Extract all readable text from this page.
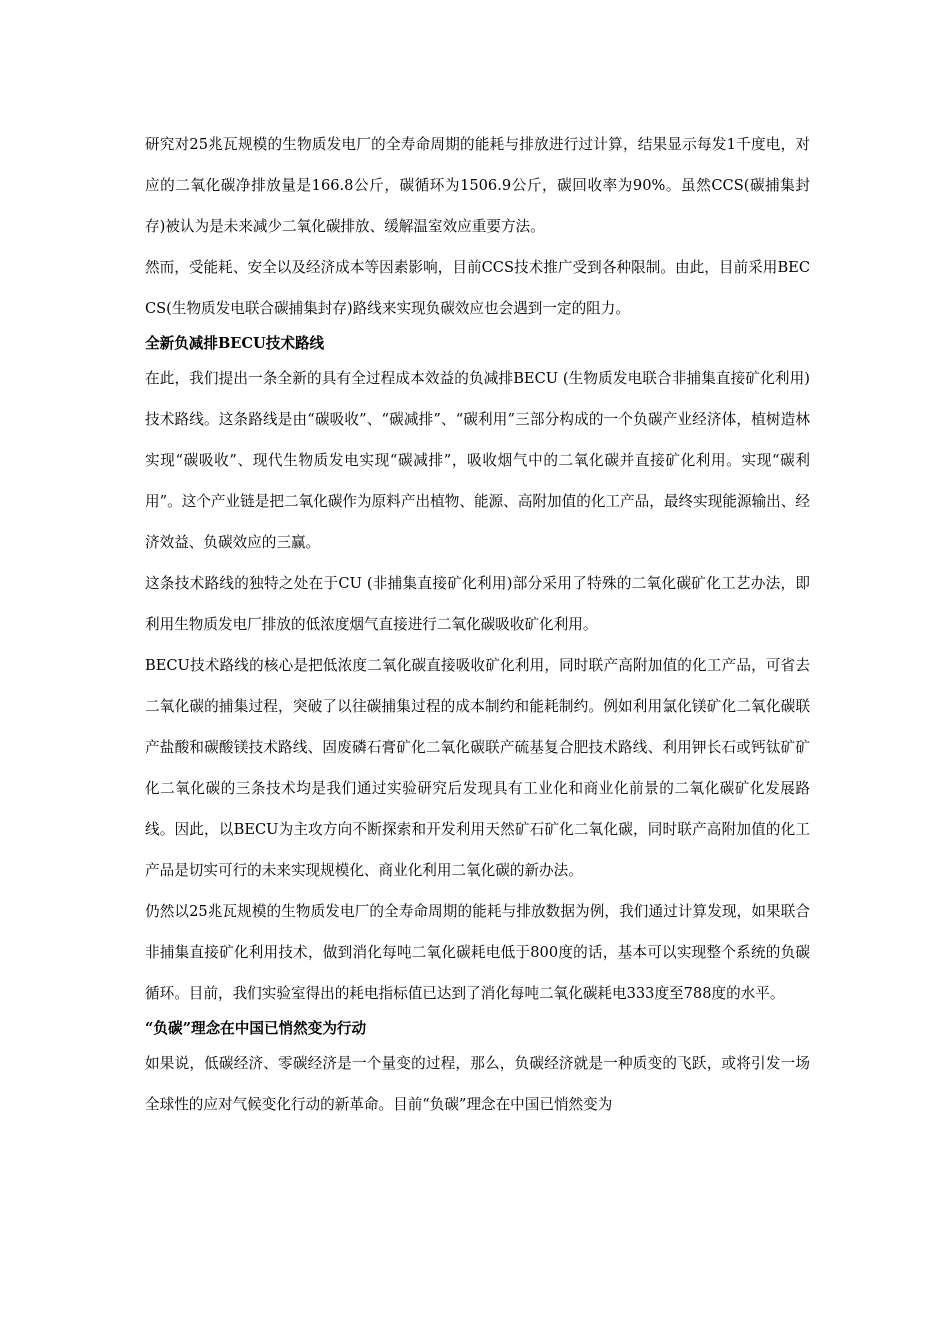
研究对25兆瓦规模的生物质发电厂的全寿命周期的能耗与排放进行过计算，结果显示每发1千度电，对应的二氧化碳净排放量是166.8公斤，碳循环为1506.9公斤，碳回收率为90%。虽然CCS(碳捕集封存)被认为是未来减少二氧化碳排放、缓解温室效应重要方法。

然而，受能耗、安全以及经济成本等因素影响，目前CCS技术推广受到各种限制。由此，目前采用BECCS(生物质发电联合碳捕集封存)路线来实现负碳效应也会遇到一定的阻力。

全新负减排BECU技术路线

在此，我们提出一条全新的具有全过程成本效益的负减排BECU (生物质发电联合非捕集直接矿化利用)技术路线。这条路线是由“碳吸收”、“碳减排”、“碳利用”三部分构成的一个负碳产业经济体，植树造林实现“碳吸收”、现代生物质发电实现“碳减排”，吸收烟气中的二氧化碳并直接矿化利用。实现“碳利用”。这个产业链是把二氧化碳作为原料产出植物、能源、高附加值的化工产品，最终实现能源输出、经济效益、负碳效应的三赢。

这条技术路线的独特之处在于CU (非捕集直接矿化利用)部分采用了特殊的二氧化碳矿化工艺办法，即利用生物质发电厂排放的低浓度烟气直接进行二氧化碳吸收矿化利用。

BECU技术路线的核心是把低浓度二氧化碳直接吸收矿化利用，同时联产高附加值的化工产品，可省去二氧化碳的捕集过程，突破了以往碳捕集过程的成本制约和能耗制约。例如利用氯化镁矿化二氧化碳联产盐酸和碳酸镁技术路线、固废磷石膏矿化二氧化碳联产硫基复合肥技术路线、利用钾长石或钙钛矿矿化二氧化碳的三条技术均是我们通过实验研究后发现具有工业化和商业化前景的二氧化碳矿化发展路线。因此，以BECU为主攻方向不断探索和开发利用天然矿石矿化二氧化碳，同时联产高附加值的化工产品是切实可行的未来实现规模化、商业化利用二氧化碳的新办法。

仍然以25兆瓦规模的生物质发电厂的全寿命周期的能耗与排放数据为例，我们通过计算发现，如果联合非捕集直接矿化利用技术，做到消化每吨二氧化碳耗电低于800度的话，基本可以实现整个系统的负碳循环。目前，我们实验室得出的耗电指标值已达到了消化每吨二氧化碳耗电333度至788度的水平。

“负碳”理念在中国已悄然变为行动

如果说，低碳经济、零碳经济是一个量变的过程，那么，负碳经济就是一种质变的飞跃，或将引发一场全球性的应对气候变化行动的新革命。目前“负碳”理念在中国已悄然变为
